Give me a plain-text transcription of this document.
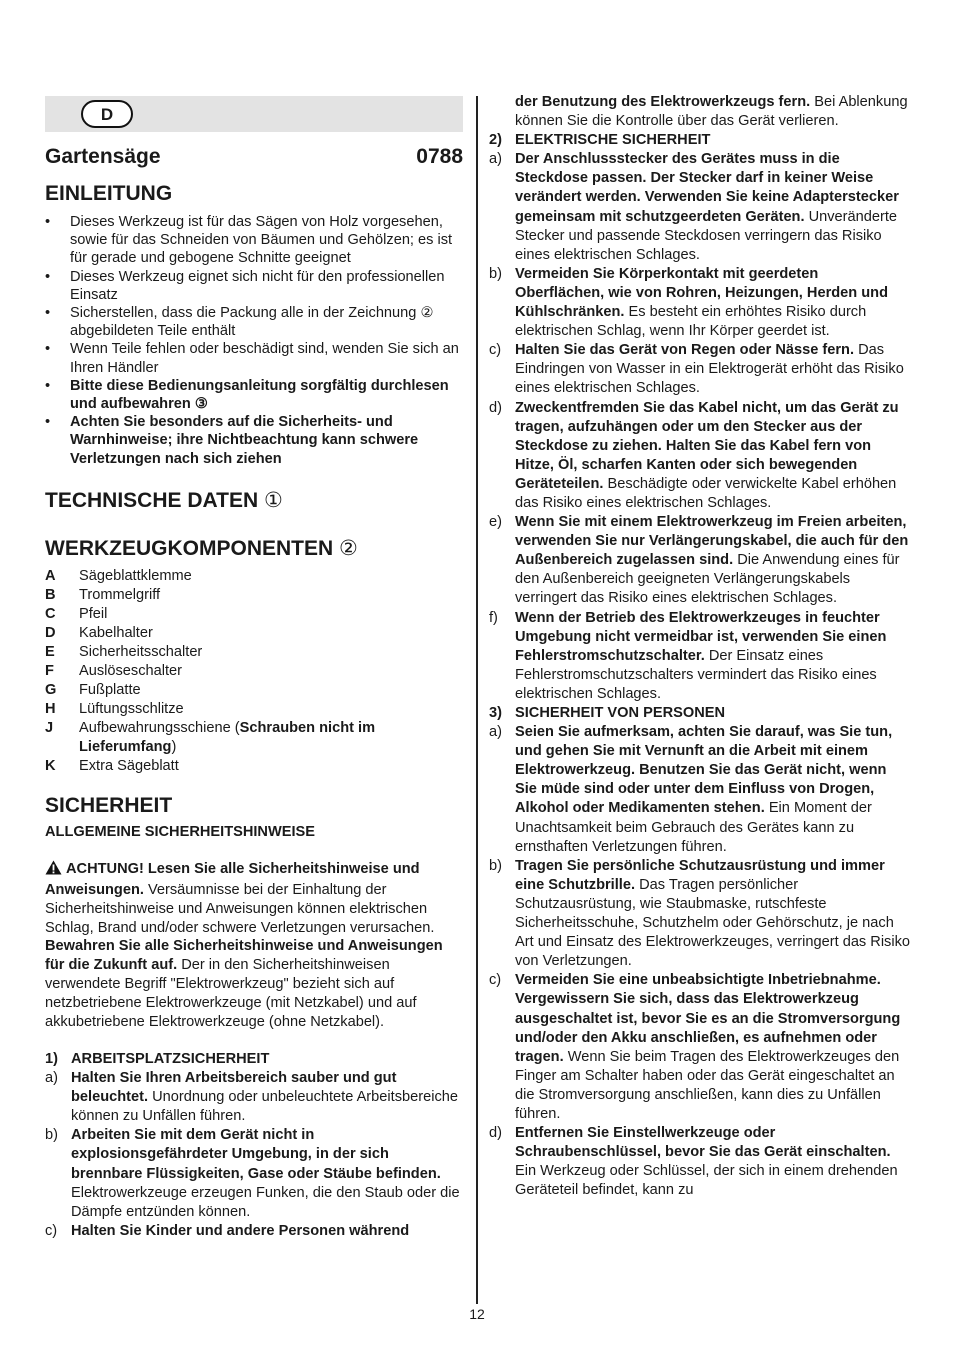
D
Gartensäge	0788
EINLEITUNG
•	Dieses Werkzeug ist für das Sägen von Holz vorgesehen, sowie für das Schneiden von Bäumen und Gehölzen; es ist für gerade und gebogene Schnitte geeignet
•	Dieses Werkzeug eignet sich nicht für den professionellen Einsatz
•	Sicherstellen, dass die Packung alle in der Zeichnung ② abgebildeten Teile enthält
•	Wenn Teile fehlen oder beschädigt sind, wenden Sie sich an Ihren Händler
•	Bitte diese Bedienungsanleitung sorgfältig durchlesen und aufbewahren ③
•	Achten Sie besonders auf die Sicherheits- und Warnhinweise; ihre Nichtbeachtung kann schwere Verletzungen nach sich ziehen
TECHNISCHE DATEN ①
WERKZEUGKOMPONENTEN ②
A	Sägeblattklemme
B	Trommelgriff
C	Pfeil
D	Kabelhalter
E	Sicherheitsschalter
F	Auslöseschalter
G	Fußplatte
H	Lüftungsschlitze
J	Aufbewahrungsschiene (Schrauben nicht im Lieferumfang)
K	Extra Sägeblatt
SICHERHEIT
ALLGEMEINE SICHERHEITSHINWEISE
ACHTUNG! Lesen Sie alle Sicherheitshinweise und Anweisungen. Versäumnisse bei der Einhaltung der Sicherheitshinweise und Anweisungen können elektrischen Schlag, Brand und/oder schwere Verletzungen verursachen. Bewahren Sie alle Sicherheitshinweise und Anweisungen für die Zukunft auf. Der in den Sicherheitshinweisen verwendete Begriff "Elektrowerkzeug" bezieht sich auf netzbetriebene Elektrowerkzeuge (mit Netzkabel) und auf akkubetriebene Elektrowerkzeuge (ohne Netzkabel).
1) ARBEITSPLATZSICHERHEIT
a) Halten Sie Ihren Arbeitsbereich sauber und gut beleuchtet. Unordnung oder unbeleuchtete Arbeitsbereiche können zu Unfällen führen.
b) Arbeiten Sie mit dem Gerät nicht in explosionsgefährdeter Umgebung, in der sich brennbare Flüssigkeiten, Gase oder Stäube befinden. Elektrowerkzeuge erzeugen Funken, die den Staub oder die Dämpfe entzünden können.
c) Halten Sie Kinder und andere Personen während
der Benutzung des Elektrowerkzeugs fern. Bei Ablenkung können Sie die Kontrolle über das Gerät verlieren.
2) ELEKTRISCHE SICHERHEIT
a) Der Anschlussstecker des Gerätes muss in die Steckdose passen. Der Stecker darf in keiner Weise verändert werden. Verwenden Sie keine Adapterstecker gemeinsam mit schutzgeerdeten Geräten. Unveränderte Stecker und passende Steckdosen verringern das Risiko eines elektrischen Schlages.
b) Vermeiden Sie Körperkontakt mit geerdeten Oberflächen, wie von Rohren, Heizungen, Herden und Kühlschränken. Es besteht ein erhöhtes Risiko durch elektrischen Schlag, wenn Ihr Körper geerdet ist.
c) Halten Sie das Gerät von Regen oder Nässe fern. Das Eindringen von Wasser in ein Elektrogerät erhöht das Risiko eines elektrischen Schlages.
d) Zweckentfremden Sie das Kabel nicht, um das Gerät zu tragen, aufzuhängen oder um den Stecker aus der Steckdose zu ziehen. Halten Sie das Kabel fern von Hitze, Öl, scharfen Kanten oder sich bewegenden Geräteteilen. Beschädigte oder verwickelte Kabel erhöhen das Risiko eines elektrischen Schlages.
e) Wenn Sie mit einem Elektrowerkzeug im Freien arbeiten, verwenden Sie nur Verlängerungskabel, die auch für den Außenbereich zugelassen sind. Die Anwendung eines für den Außenbereich geeigneten Verlängerungskabels verringert das Risiko eines elektrischen Schlages.
f)	Wenn der Betrieb des Elektrowerkzeuges in feuchter Umgebung nicht vermeidbar ist, verwenden Sie einen Fehlerstromschutzschalter. Der Einsatz eines Fehlerstromschutzschalters vermindert das Risiko eines elektrischen Schlages.
3) SICHERHEIT VON PERSONEN
a) Seien Sie aufmerksam, achten Sie darauf, was Sie tun, und gehen Sie mit Vernunft an die Arbeit mit einem Elektrowerkzeug. Benutzen Sie das Gerät nicht, wenn Sie müde sind oder unter dem Einfluss von Drogen, Alkohol oder Medikamenten stehen. Ein Moment der Unachtsamkeit beim Gebrauch des Gerätes kann zu ernsthaften Verletzungen führen.
b) Tragen Sie persönliche Schutzausrüstung und immer eine Schutzbrille. Das Tragen persönlicher Schutzausrüstung, wie Staubmaske, rutschfeste Sicherheitsschuhe, Schutzhelm oder Gehörschutz, je nach Art und Einsatz des Elektrowerkzeuges, verringert das Risiko von Verletzungen.
c) Vermeiden Sie eine unbeabsichtigte Inbetriebnahme. Vergewissern Sie sich, dass das Elektrowerkzeug ausgeschaltet ist, bevor Sie es an die Stromversorgung und/oder den Akku anschließen, es aufnehmen oder tragen. Wenn Sie beim Tragen des Elektrowerkzeuges den Finger am Schalter haben oder das Gerät eingeschaltet an die Stromversorgung anschließen, kann dies zu Unfällen führen.
d) Entfernen Sie Einstellwerkzeuge oder Schraubenschlüssel, bevor Sie das Gerät einschalten. Ein Werkzeug oder Schlüssel, der sich in einem drehenden Geräteteil befindet, kann zu
12
